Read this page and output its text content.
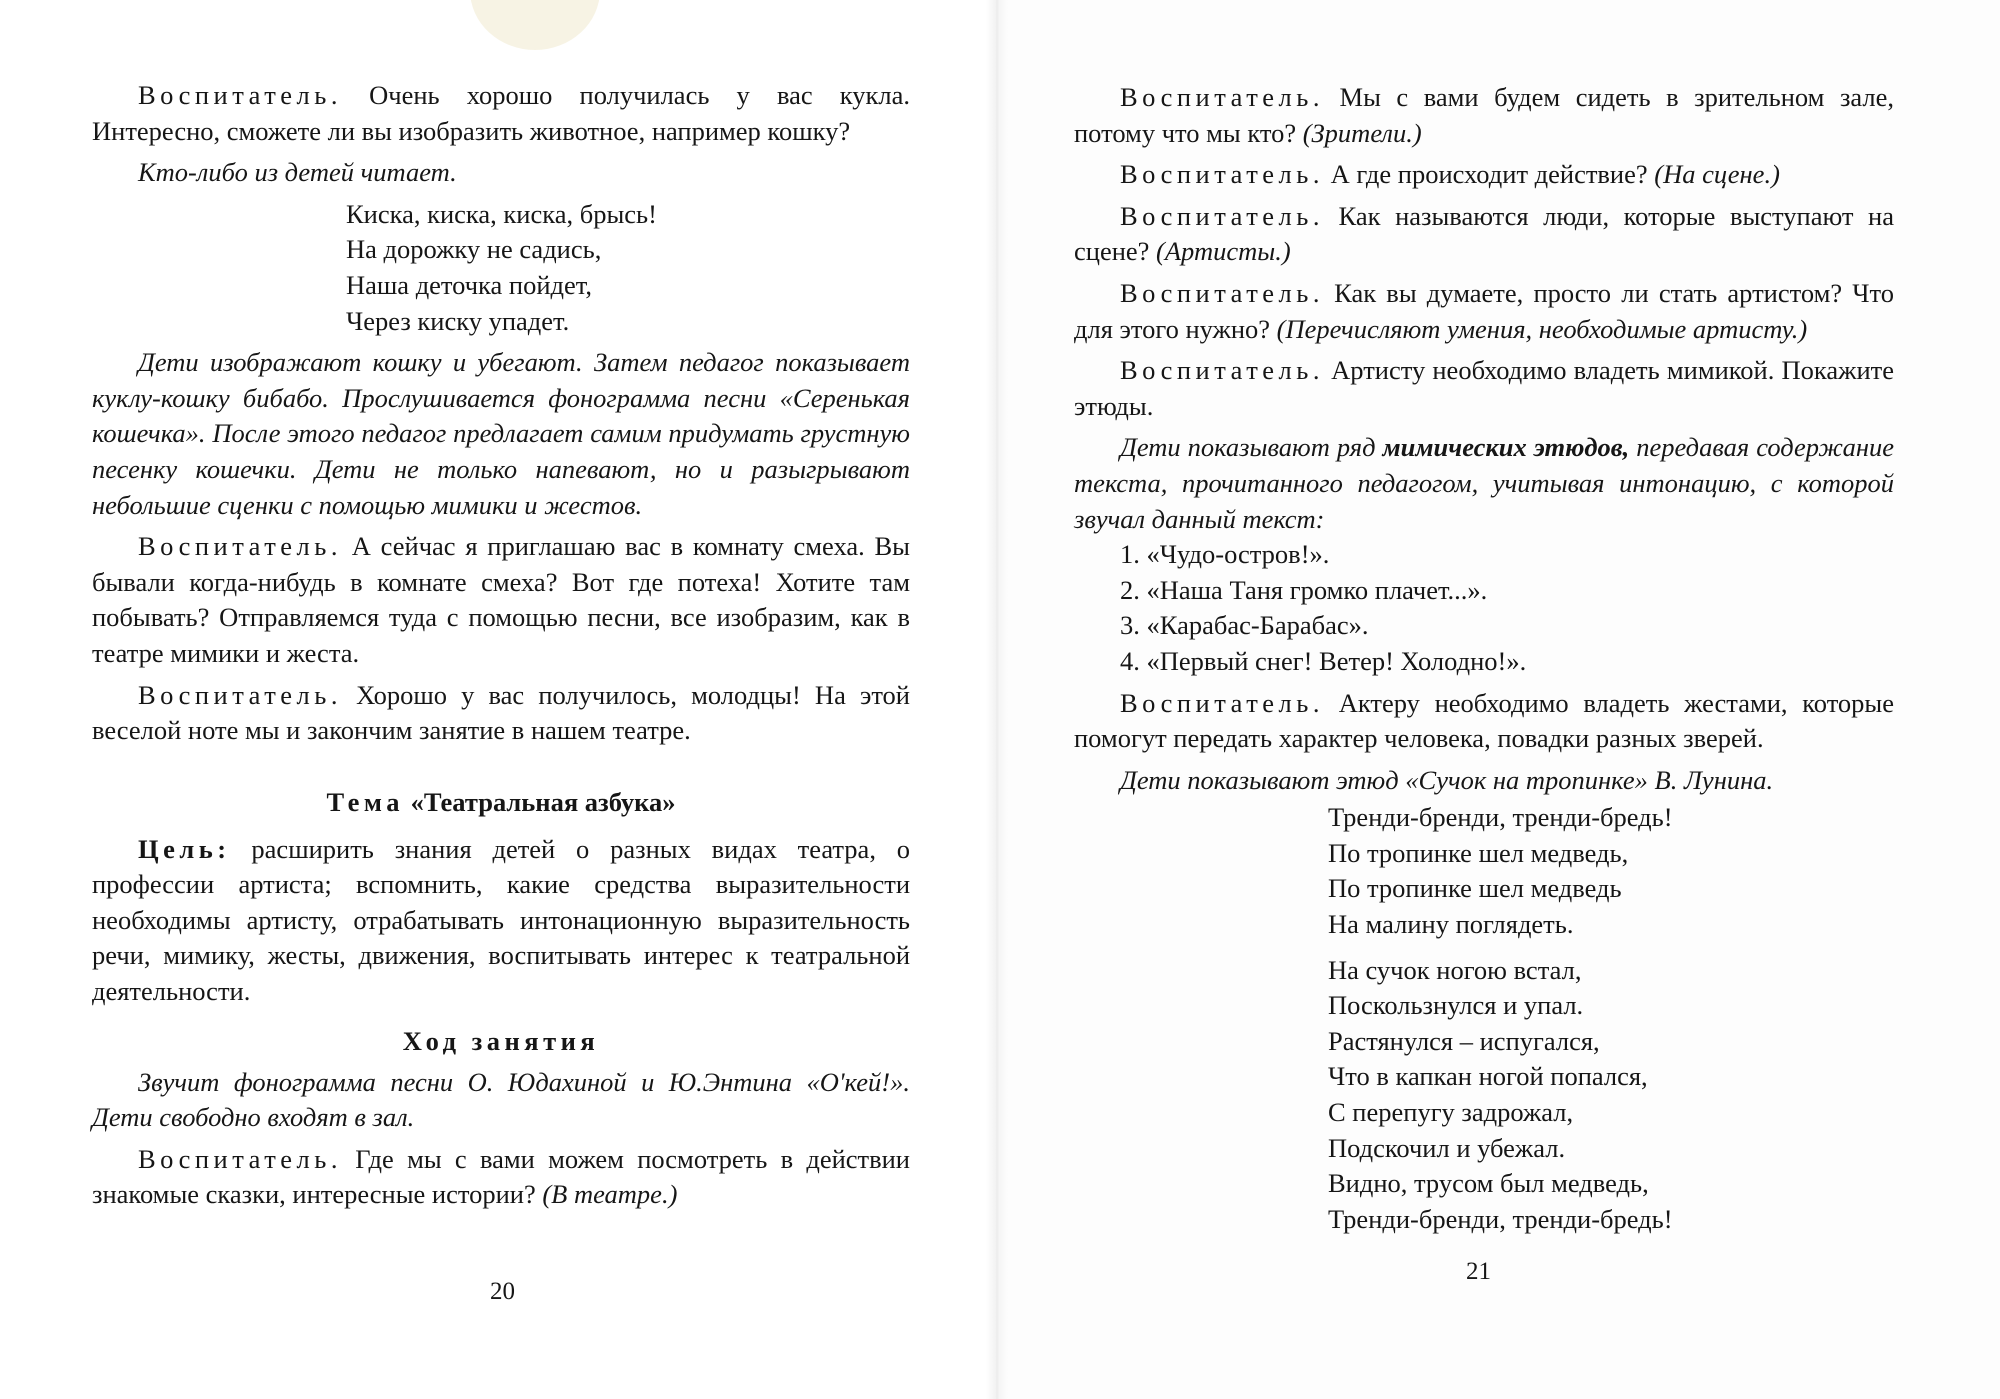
Воспитатель. Очень хорошо получилась у вас кукла. Интересно, сможете ли вы изобразить животное, например кошку?

Кто-либо из детей читает.

Киска, киска, киска, брысь!

На дорожку не садись,

Наша деточка пойдет,

Через киску упадет.

Дети изображают кошку и убегают. Затем педагог показывает куклу-кошку бибабо. Прослушивается фонограмма песни «Серенькая кошечка». После этого педагог предлагает самим придумать грустную песенку кошечки. Дети не только напевают, но и разыгрывают небольшие сценки с помощью мимики и жестов.

Воспитатель. А сейчас я приглашаю вас в комнату смеха. Вы бывали когда-нибудь в комнате смеха? Вот где потеха! Хотите там побывать? Отправляемся туда с помощью песни, все изобразим, как в театре мимики и жеста.

Воспитатель. Хорошо у вас получилось, молодцы! На этой веселой ноте мы и закончим занятие в нашем театре.

Тема «Театральная азбука»

Цель: расширить знания детей о разных видах театра, о профессии артиста; вспомнить, какие средства выразительности необходимы артисту, отрабатывать интонационную выразительность речи, мимику, жесты, движения, воспитывать интерес к театральной деятельности.

Ход занятия

Звучит фонограмма песни О. Юдахиной и Ю.Энтина «О'кей!». Дети свободно входят в зал.

Воспитатель. Где мы с вами можем посмотреть в действии знакомые сказки, интересные истории? (В театре.)

20

Воспитатель. Мы с вами будем сидеть в зрительном зале, потому что мы кто? (Зрители.)

Воспитатель. А где происходит действие? (На сцене.)

Воспитатель. Как называются люди, которые выступают на сцене? (Артисты.)

Воспитатель. Как вы думаете, просто ли стать артистом? Что для этого нужно? (Перечисляют умения, необходимые артисту.)

Воспитатель. Артисту необходимо владеть мимикой. Покажите этюды.

Дети показывают ряд мимических этюдов, передавая содержание текста, прочитанного педагогом, учитывая интонацию, с которой звучал данный текст:

1. «Чудо-остров!».

2. «Наша Таня громко плачет...».

3. «Карабас-Барабас».

4. «Первый снег! Ветер! Холодно!».

Воспитатель. Актеру необходимо владеть жестами, которые помогут передать характер человека, повадки разных зверей.

Дети показывают этюд «Сучок на тропинке» В. Лунина.

Тренди-бренди, тренди-бредь!

По тропинке шел медведь,

По тропинке шел медведь

На малину поглядеть.

На сучок ногою встал,

Поскользнулся и упал.

Растянулся – испугался,

Что в капкан ногой попался,

С перепугу задрожал,

Подскочил и убежал.

Видно, трусом был медведь,

Тренди-бренди, тренди-бредь!

21
